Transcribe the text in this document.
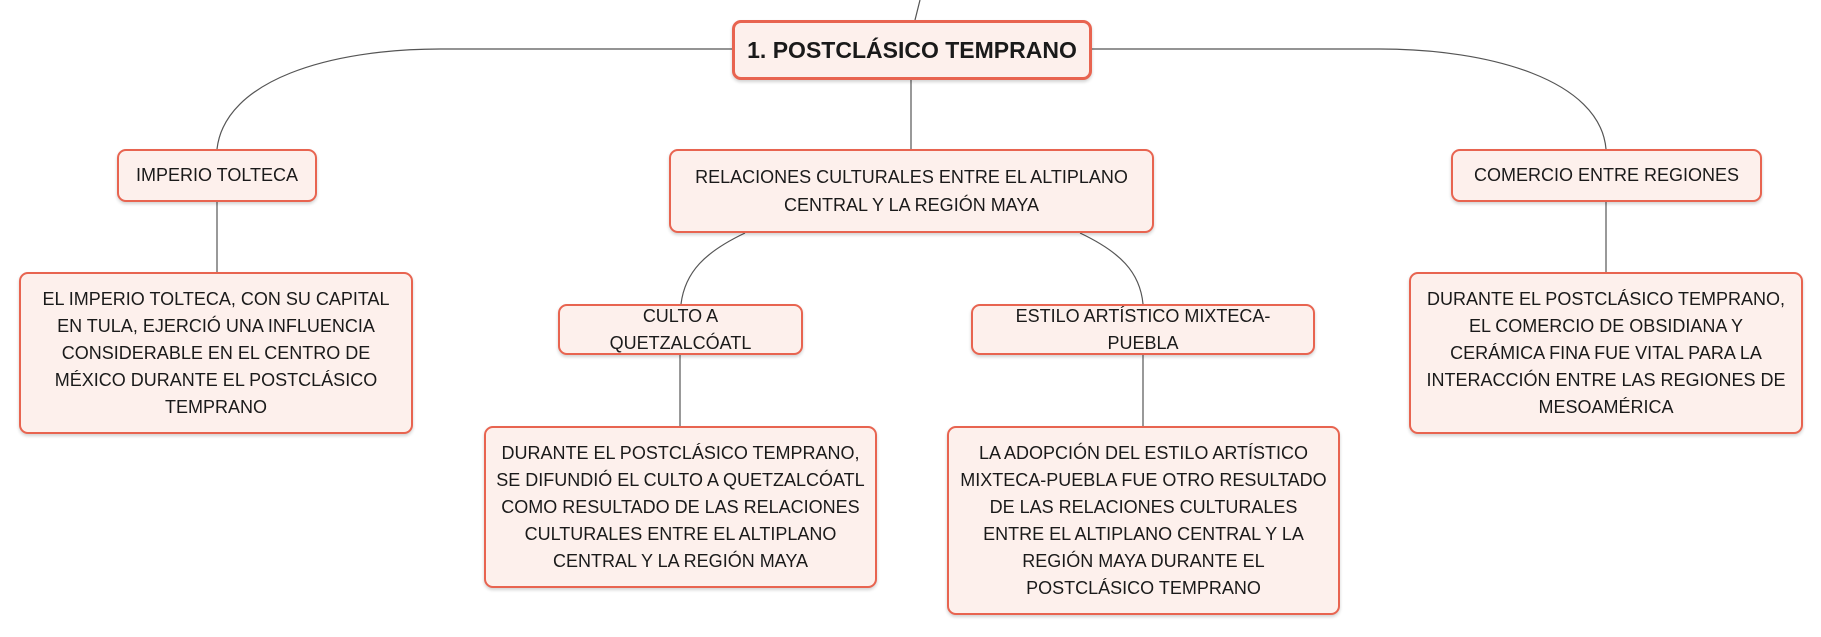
1. POSTCLÁSICO TEMPRANO
IMPERIO TOLTECA
EL IMPERIO TOLTECA, CON SU CAPITAL EN TULA, EJERCIÓ UNA INFLUENCIA CONSIDERABLE EN EL CENTRO DE MÉXICO DURANTE EL POSTCLÁSICO TEMPRANO
RELACIONES CULTURALES ENTRE EL ALTIPLANO CENTRAL Y LA REGIÓN MAYA
CULTO A QUETZALCÓATL
DURANTE EL POSTCLÁSICO TEMPRANO, SE DIFUNDIÓ EL CULTO A QUETZALCÓATL COMO RESULTADO DE LAS RELACIONES CULTURALES ENTRE EL ALTIPLANO CENTRAL Y LA REGIÓN MAYA
ESTILO ARTÍSTICO MIXTECA-PUEBLA
LA ADOPCIÓN DEL ESTILO ARTÍSTICO MIXTECA-PUEBLA FUE OTRO RESULTADO DE LAS RELACIONES CULTURALES ENTRE EL ALTIPLANO CENTRAL Y LA REGIÓN MAYA DURANTE EL POSTCLÁSICO TEMPRANO
COMERCIO ENTRE REGIONES
DURANTE EL POSTCLÁSICO TEMPRANO, EL COMERCIO DE OBSIDIANA Y CERÁMICA FINA FUE VITAL PARA LA INTERACCIÓN ENTRE LAS REGIONES DE MESOAMÉRICA
